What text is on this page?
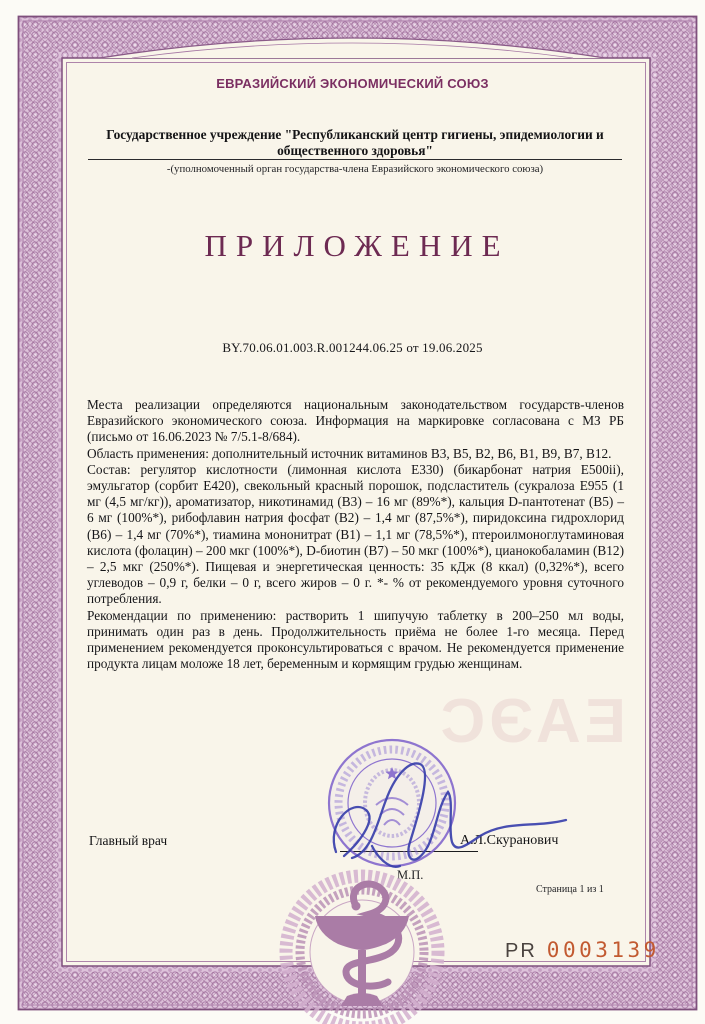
ЕАЭС
ЕВРАЗИЙСКИЙ ЭКОНОМИЧЕСКИЙ СОЮЗ
Государственное учреждение "Республиканский центр гигиены, эпидемиологии и общественного здоровья"
-(уполномоченный орган государства-члена Евразийского экономического союза)
ПРИЛОЖЕНИЕ
BY.70.06.01.003.R.001244.06.25 от 19.06.2025

Места реализации определяются национальным законодательством государств-членов Евразийского экономического союза. Информация на маркировке согласована с МЗ РБ (письмо от 16.06.2023 № 7/5.1-8/684).

Область применения: дополнительный источник витаминов В3, В5, В2, В6, В1, В9, В7, В12.

Состав: регулятор кислотности (лимонная кислота Е330) (бикарбонат натрия Е500ii), эмульгатор (сорбит Е420), свекольный красный порошок, подсластитель (сукралоза Е955 (1 мг (4,5 мг/кг)), ароматизатор, никотинамид (В3) – 16 мг (89%*), кальция D-пантотенат (В5) – 6 мг (100%*), рибофлавин натрия фосфат (В2) – 1,4 мг (87,5%*), пиридоксина гидрохлорид (В6) – 1,4 мг (70%*), тиамина мононитрат (В1) – 1,1 мг (78,5%*), птероилмоноглутаминовая кислота (фолацин) – 200 мкг (100%*), D-биотин (В7) – 50 мкг (100%*), цианокобаламин (В12) – 2,5 мкг (250%*). Пищевая и энергетическая ценность: 35 кДж (8 ккал) (0,32%*), всего углеводов – 0,9 г, белки – 0 г, всего жиров – 0 г. *- % от рекомендуемого уровня суточного потребления.

Рекомендации по применению: растворить 1 шипучую таблетку в 200–250 мл воды, принимать один раз в день. Продолжительность приёма не более 1-го месяца. Перед применением рекомендуется проконсультироваться с врачом. Не рекомендуется применение продукта лицам моложе 18 лет, беременным и кормящим грудью женщинам.

Главный врач	А.Л.Скуранович
М.П.
Страница 1 из 1
PR 0003139
